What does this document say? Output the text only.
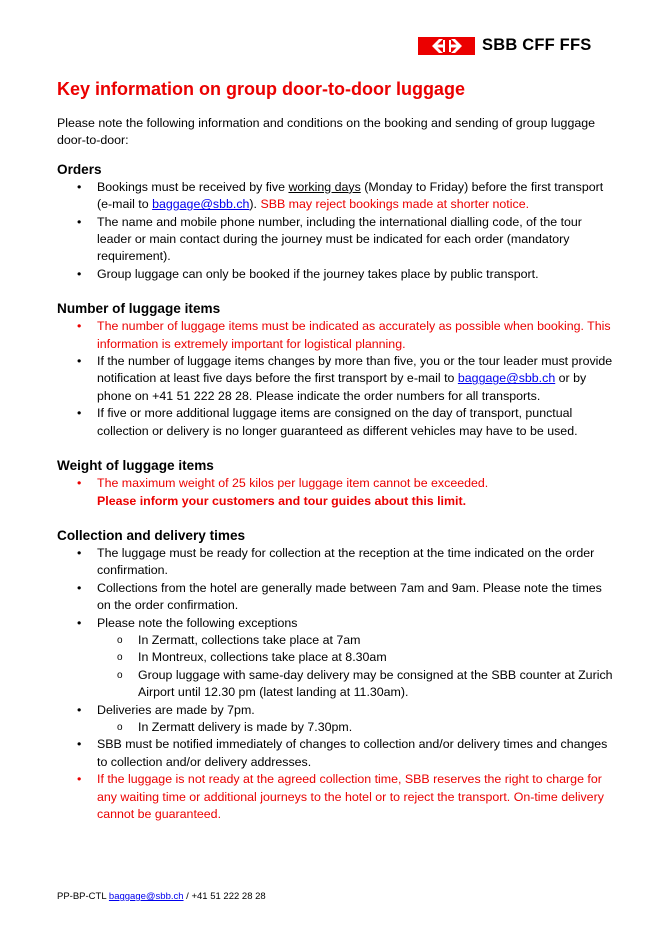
SBB CFF FFS
Key information on group door-to-door luggage

Please note the following information and conditions on the booking and sending of group luggage door-to-door:

Orders
• Bookings must be received by five working days (Monday to Friday) before the first transport (e-mail to baggage@sbb.ch). SBB may reject bookings made at shorter notice.
• The name and mobile phone number, including the international dialling code, of the tour leader or main contact during the journey must be indicated for each order (mandatory requirement).
• Group luggage can only be booked if the journey takes place by public transport.
Number of luggage items
• The number of luggage items must be indicated as accurately as possible when booking. This information is extremely important for logistical planning.
• If the number of luggage items changes by more than five, you or the tour leader must provide notification at least five days before the first transport by e-mail to baggage@sbb.ch or by phone on +41 51 222 28 28. Please indicate the order numbers for all transports.
• If five or more additional luggage items are consigned on the day of transport, punctual collection or delivery is no longer guaranteed as different vehicles may have to be used.
Weight of luggage items
• The maximum weight of 25 kilos per luggage item cannot be exceeded.
Please inform your customers and tour guides about this limit.
Collection and delivery times
• The luggage must be ready for collection at the reception at the time indicated on the order confirmation.
• Collections from the hotel are generally made between 7am and 9am. Please note the times on the order confirmation.
• Please note the following exceptions
o In Zermatt, collections take place at 7am
o In Montreux, collections take place at 8.30am
o Group luggage with same-day delivery may be consigned at the SBB counter at Zurich Airport until 12.30 pm (latest landing at 11.30am).
• Deliveries are made by 7pm.
o In Zermatt delivery is made by 7.30pm.
• SBB must be notified immediately of changes to collection and/or delivery times and changes to collection and/or delivery addresses.
• If the luggage is not ready at the agreed collection time, SBB reserves the right to charge for any waiting time or additional journeys to the hotel or to reject the transport. On-time delivery cannot be guaranteed.
PP-BP-CTL baggage@sbb.ch / +41 51 222 28 28
